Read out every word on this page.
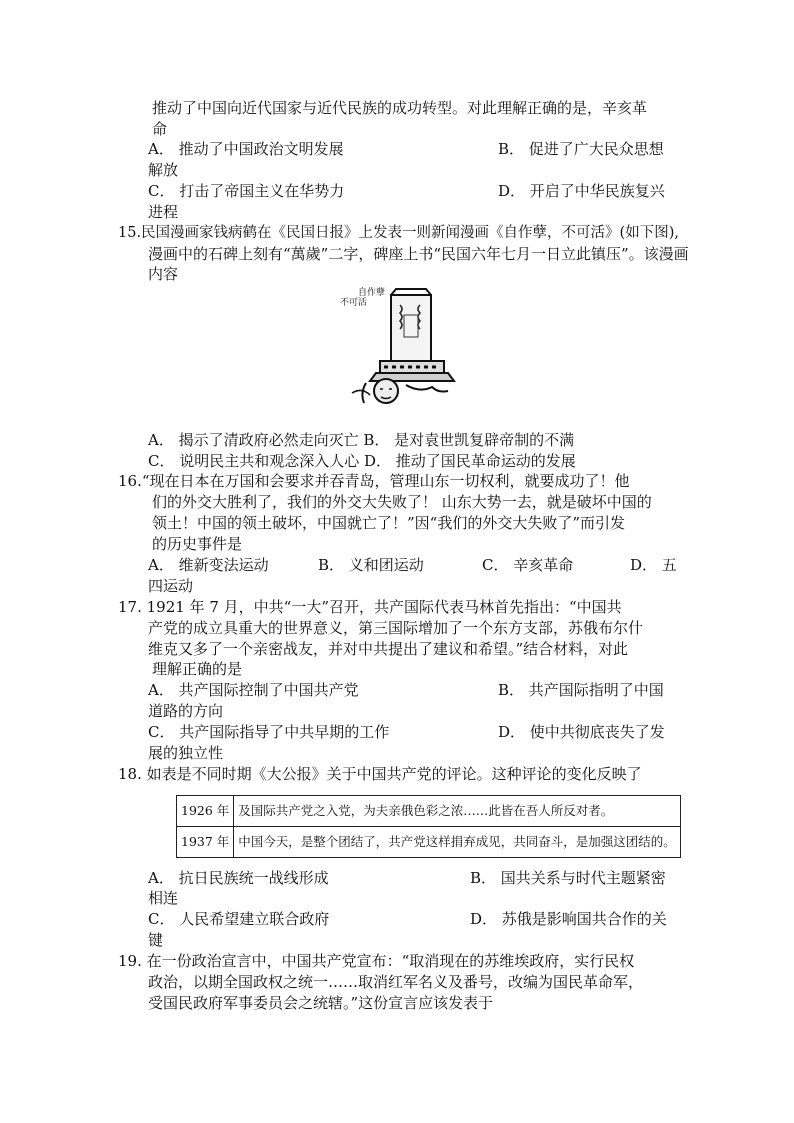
推动了中国向近代国家与近代民族的成功转型。对此理解正确的是，辛亥革
命
A． 推动了中国政治文明发展	B． 促进了广大民众思想
解放
C． 打击了帝国主义在华势力	D． 开启了中华民族复兴
进程
15.民国漫画家钱病鹤在《民国日报》上发表一则新闻漫画《自作孽，不可活》(如下图),
漫画中的石碑上刻有“萬歲”二字，碑座上书“民国六年七月一日立此镇压”。该漫画
内容
不可活
自作孽
A． 揭示了清政府必然走向灭亡 B． 是对袁世凯复辟帝制的不满
C． 说明民主共和观念深入人心 D． 推动了国民革命运动的发展
16.“现在日本在万国和会要求并吞青岛，管理山东一切权利，就要成功了！他
们的外交大胜利了，我们的外交大失败了！ 山东大势一去，就是破坏中国的
领土！中国的领土破坏，中国就亡了！”因“我们的外交大失败了”而引发
的历史事件是
A． 维新变法运动	B． 义和团运动	C． 辛亥革命	D． 五
四运动
17. 1921 年 7 月，中共“一大”召开，共产国际代表马林首先指出：“中国共
产党的成立具重大的世界意义，第三国际增加了一个东方支部，苏俄布尔什
维克又多了一个亲密战友，并对中共提出了建议和希望。”结合材料，对此
理解正确的是
A． 共产国际控制了中国共产党	B． 共产国际指明了中国
道路的方向
C． 共产国际指导了中共早期的工作	D． 使中共彻底丧失了发
展的独立性
18. 如表是不同时期《大公报》关于中国共产党的评论。这种评论的变化反映了
1926 年	及国际共产党之入党，为夫亲俄色彩之浓……此皆在吾人所反对者。
1937 年	中国今天，是整个团结了，共产党这样捐弃成见，共同奋斗，是加强这团结的。
A． 抗日民族统一战线形成	B． 国共关系与时代主题紧密
相连
C． 人民希望建立联合政府	D． 苏俄是影响国共合作的关
键
19. 在一份政治宣言中，中国共产党宣布：“取消现在的苏维埃政府，实行民权
政治，以期全国政权之统一……取消红军名义及番号，改编为国民革命军，
受国民政府军事委员会之统辖。”这份宣言应该发表于
